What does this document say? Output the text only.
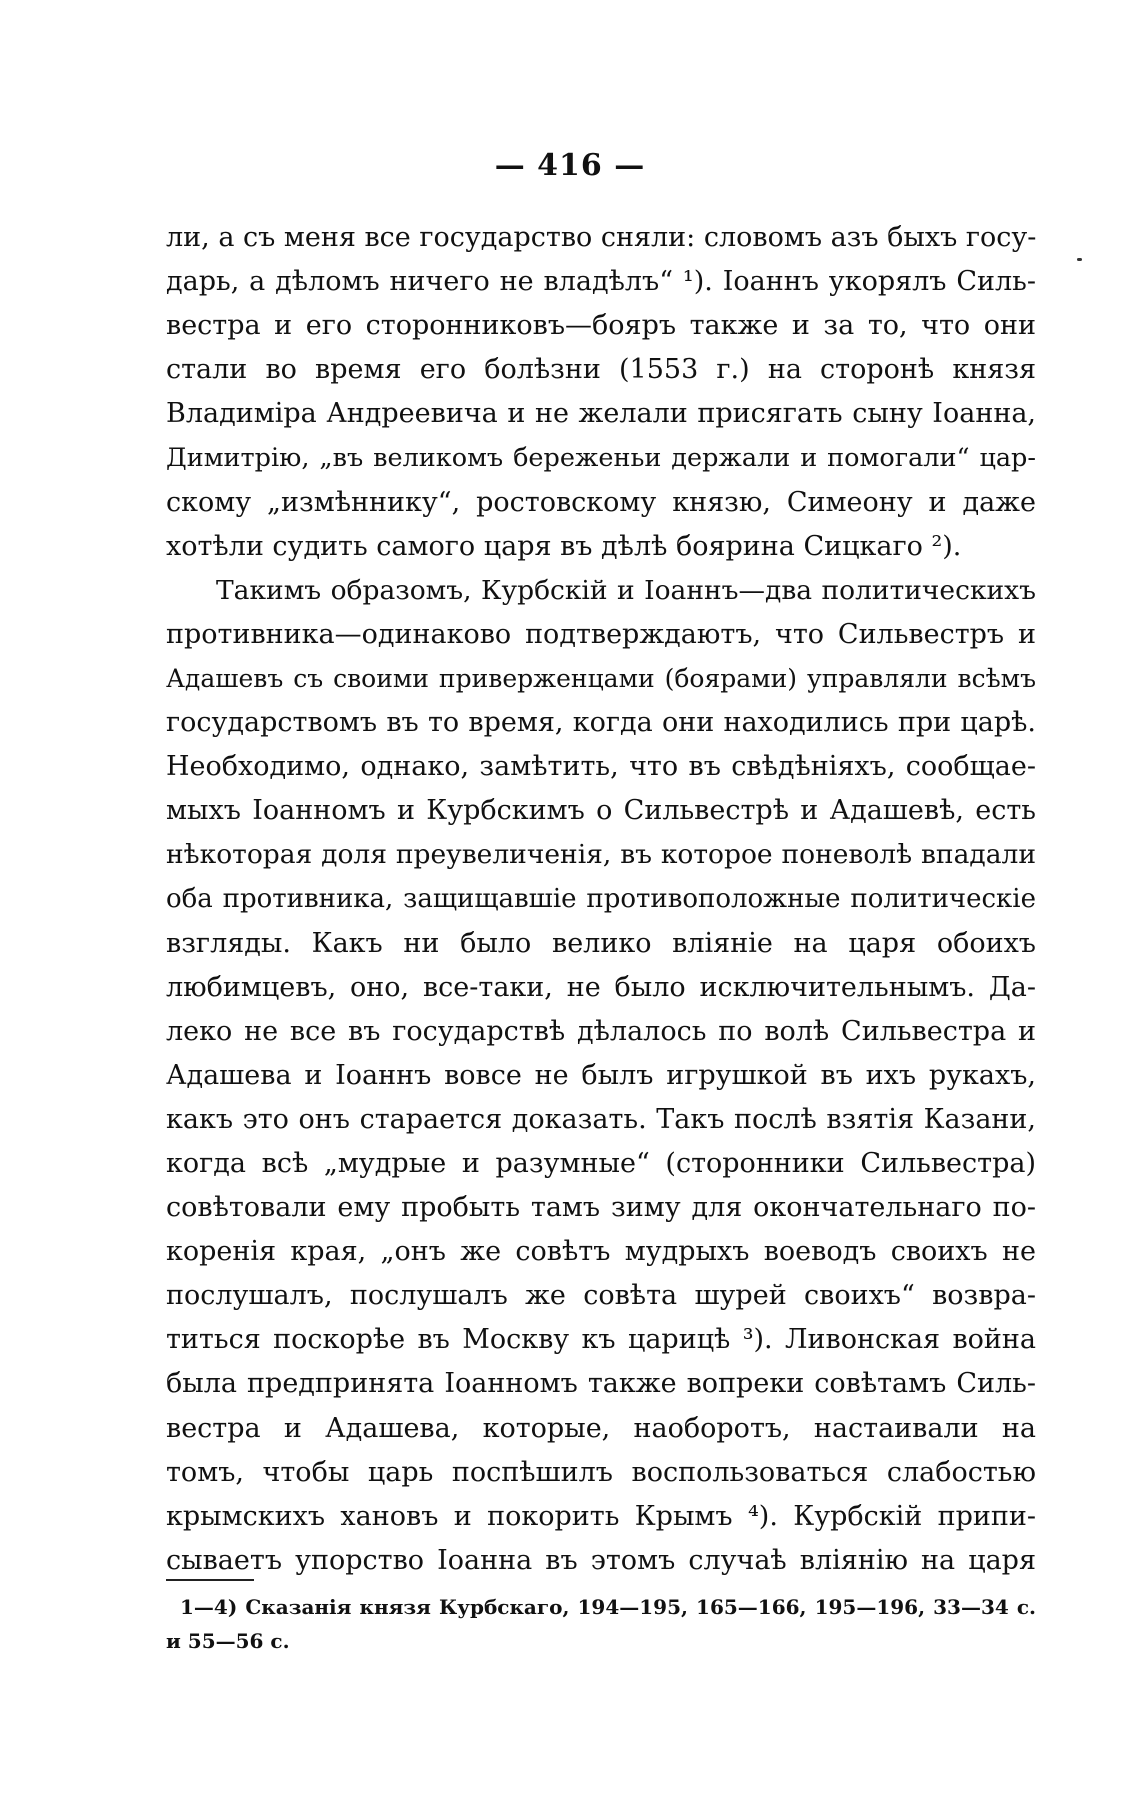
— 416 —
ли, а съ меня все государство сняли: словомъ азъ быхъ госу-
дарь, а дѣломъ ничего не владѣлъ“ ¹). Іоаннъ укорялъ Силь-
вестра и его сторонниковъ—бояръ также и за то, что они
стали во время его болѣзни (1553 г.) на сторонѣ князя
Владиміра Андреевича и не желали присягать сыну Іоанна,
Димитрію, „въ великомъ береженьи держали и помогали“ цар-
скому „измѣннику“, ростовскому князю, Симеону и даже
хотѣли судить самого царя въ дѣлѣ боярина Сицкаго ²).
Такимъ образомъ, Курбскій и Іоаннъ—два политическихъ
противника—одинаково подтверждаютъ, что Сильвестръ и
Адашевъ съ своими приверженцами (боярами) управляли всѣмъ
государствомъ въ то время, когда они находились при царѣ.
Необходимо, однако, замѣтить, что въ свѣдѣніяхъ, сообщае-
мыхъ Іоанномъ и Курбскимъ о Сильвестрѣ и Адашевѣ, есть
нѣкоторая доля преувеличенія, въ которое поневолѣ впадали
оба противника, защищавшіе противоположные политическіе
взгляды. Какъ ни было велико вліяніе на царя обоихъ
любимцевъ, оно, все-таки, не было исключительнымъ. Да-
леко не все въ государствѣ дѣлалось по волѣ Сильвестра и
Адашева и Іоаннъ вовсе не былъ игрушкой въ ихъ рукахъ,
какъ это онъ старается доказать. Такъ послѣ взятія Казани,
когда всѣ „мудрые и разумные“ (сторонники Сильвестра)
совѣтовали ему пробыть тамъ зиму для окончательнаго по-
коренія края, „онъ же совѣтъ мудрыхъ воеводъ своихъ не
послушалъ, послушалъ же совѣта шурей своихъ“ возвра-
титься поскорѣе въ Москву къ царицѣ ³). Ливонская война
была предпринята Іоанномъ также вопреки совѣтамъ Силь-
вестра и Адашева, которые, наоборотъ, настаивали на
томъ, чтобы царь поспѣшилъ воспользоваться слабостью
крымскихъ хановъ и покорить Крымъ ⁴). Курбскій припи-
сываетъ упорство Іоанна въ этомъ случаѣ вліянію на царя
1—4) Сказанія князя Курбскаго, 194—195, 165—166, 195—196, 33—34 с.
и 55—56 с.
